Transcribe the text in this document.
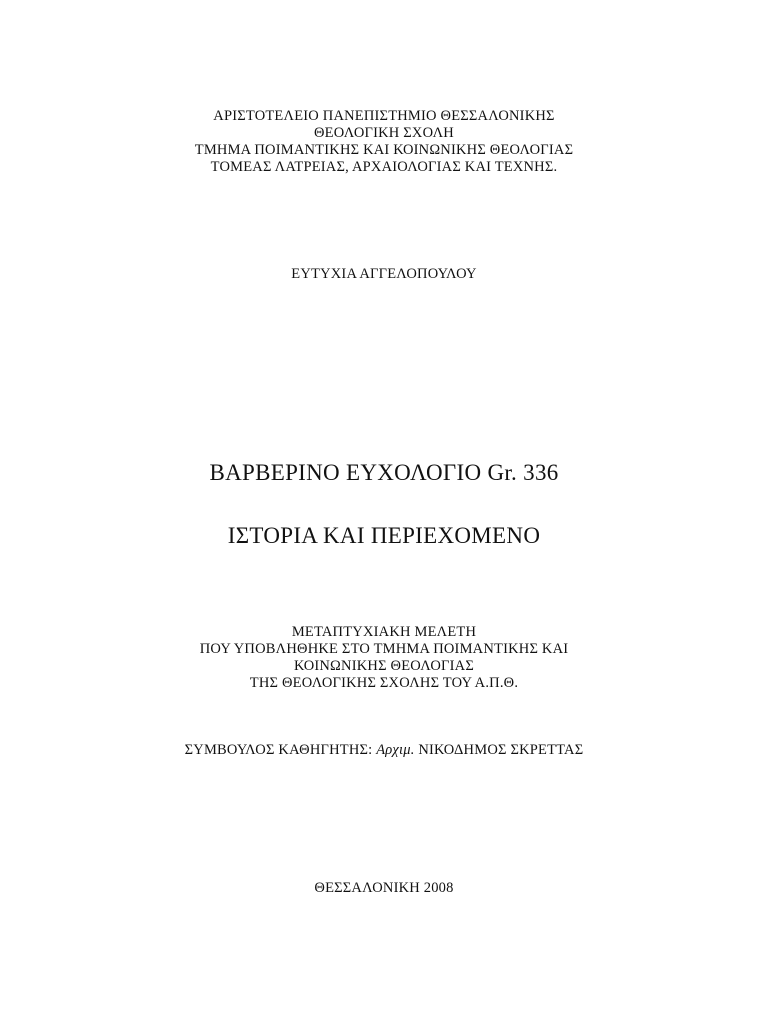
ΑΡΙΣΤΟΤΕΛΕΙΟ ΠΑΝΕΠΙΣΤΗΜΙΟ ΘΕΣΣΑΛΟΝΙΚΗΣ
ΘΕΟΛΟΓΙΚΗ ΣΧΟΛΗ
ΤΜΗΜΑ ΠΟΙΜΑΝΤΙΚΗΣ ΚΑΙ ΚΟΙΝΩΝΙΚΗΣ ΘΕΟΛΟΓΙΑΣ
ΤΟΜΕΑΣ ΛΑΤΡΕΙΑΣ, ΑΡΧΑΙΟΛΟΓΙΑΣ ΚΑΙ ΤΕΧΝΗΣ.
ΕΥΤΥΧΙΑ ΑΓΓΕΛΟΠΟΥΛΟΥ
ΒΑΡΒΕΡΙΝΟ ΕΥΧΟΛΟΓΙΟ Gr. 336
ΙΣΤΟΡΙΑ ΚΑΙ ΠΕΡΙΕΧΟΜΕΝΟ
ΜΕΤΑΠΤΥΧΙΑΚΗ ΜΕΛΕΤΗ
ΠΟΥ ΥΠΟΒΛΗΘΗΚΕ ΣΤΟ ΤΜΗΜΑ ΠΟΙΜΑΝΤΙΚΗΣ ΚΑΙ
ΚΟΙΝΩΝΙΚΗΣ ΘΕΟΛΟΓΙΑΣ
ΤΗΣ ΘΕΟΛΟΓΙΚΗΣ ΣΧΟΛΗΣ ΤΟΥ Α.Π.Θ.
ΣΥΜΒΟΥΛΟΣ ΚΑΘΗΓΗΤΗΣ: Αρχιμ. ΝΙΚΟΔΗΜΟΣ ΣΚΡΕΤΤΑΣ
ΘΕΣΣΑΛΟΝΙΚΗ 2008
